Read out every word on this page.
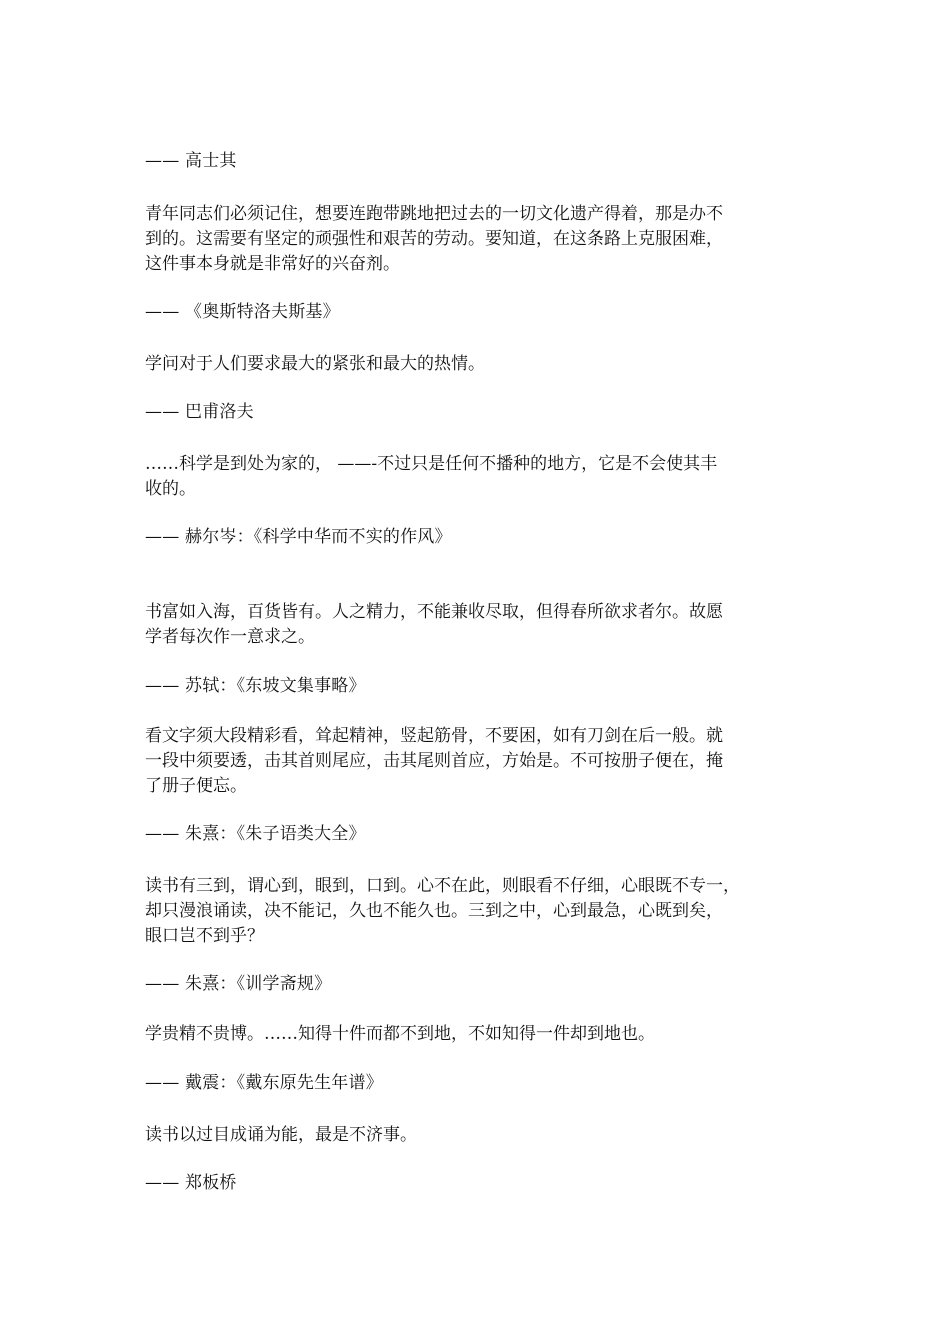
—— 高士其

青年同志们必须记住，想要连跑带跳地把过去的一切文化遗产得着，那是办不

到的。这需要有坚定的顽强性和艰苦的劳动。要知道，在这条路上克服困难，

这件事本身就是非常好的兴奋剂。

—— 《奥斯特洛夫斯基》

学问对于人们要求最大的紧张和最大的热情。

—— 巴甫洛夫

……科学是到处为家的， ——-不过只是任何不播种的地方，它是不会使其丰

收的。

—— 赫尔岑：《科学中华而不实的作风》

书富如入海，百货皆有。人之精力，不能兼收尽取，但得春所欲求者尔。故愿

学者每次作一意求之。

—— 苏轼：《东坡文集事略》

看文字须大段精彩看，耸起精神，竖起筋骨，不要困，如有刀剑在后一般。就

一段中须要透，击其首则尾应，击其尾则首应，方始是。不可按册子便在，掩

了册子便忘。

—— 朱熹：《朱子语类大全》

读书有三到，谓心到，眼到，口到。心不在此，则眼看不仔细，心眼既不专一，

却只漫浪诵读，决不能记，久也不能久也。三到之中，心到最急，心既到矣，

眼口岂不到乎？

—— 朱熹：《训学斋规》

学贵精不贵博。……知得十件而都不到地，不如知得一件却到地也。

—— 戴震：《戴东原先生年谱》

读书以过目成诵为能，最是不济事。

—— 郑板桥
